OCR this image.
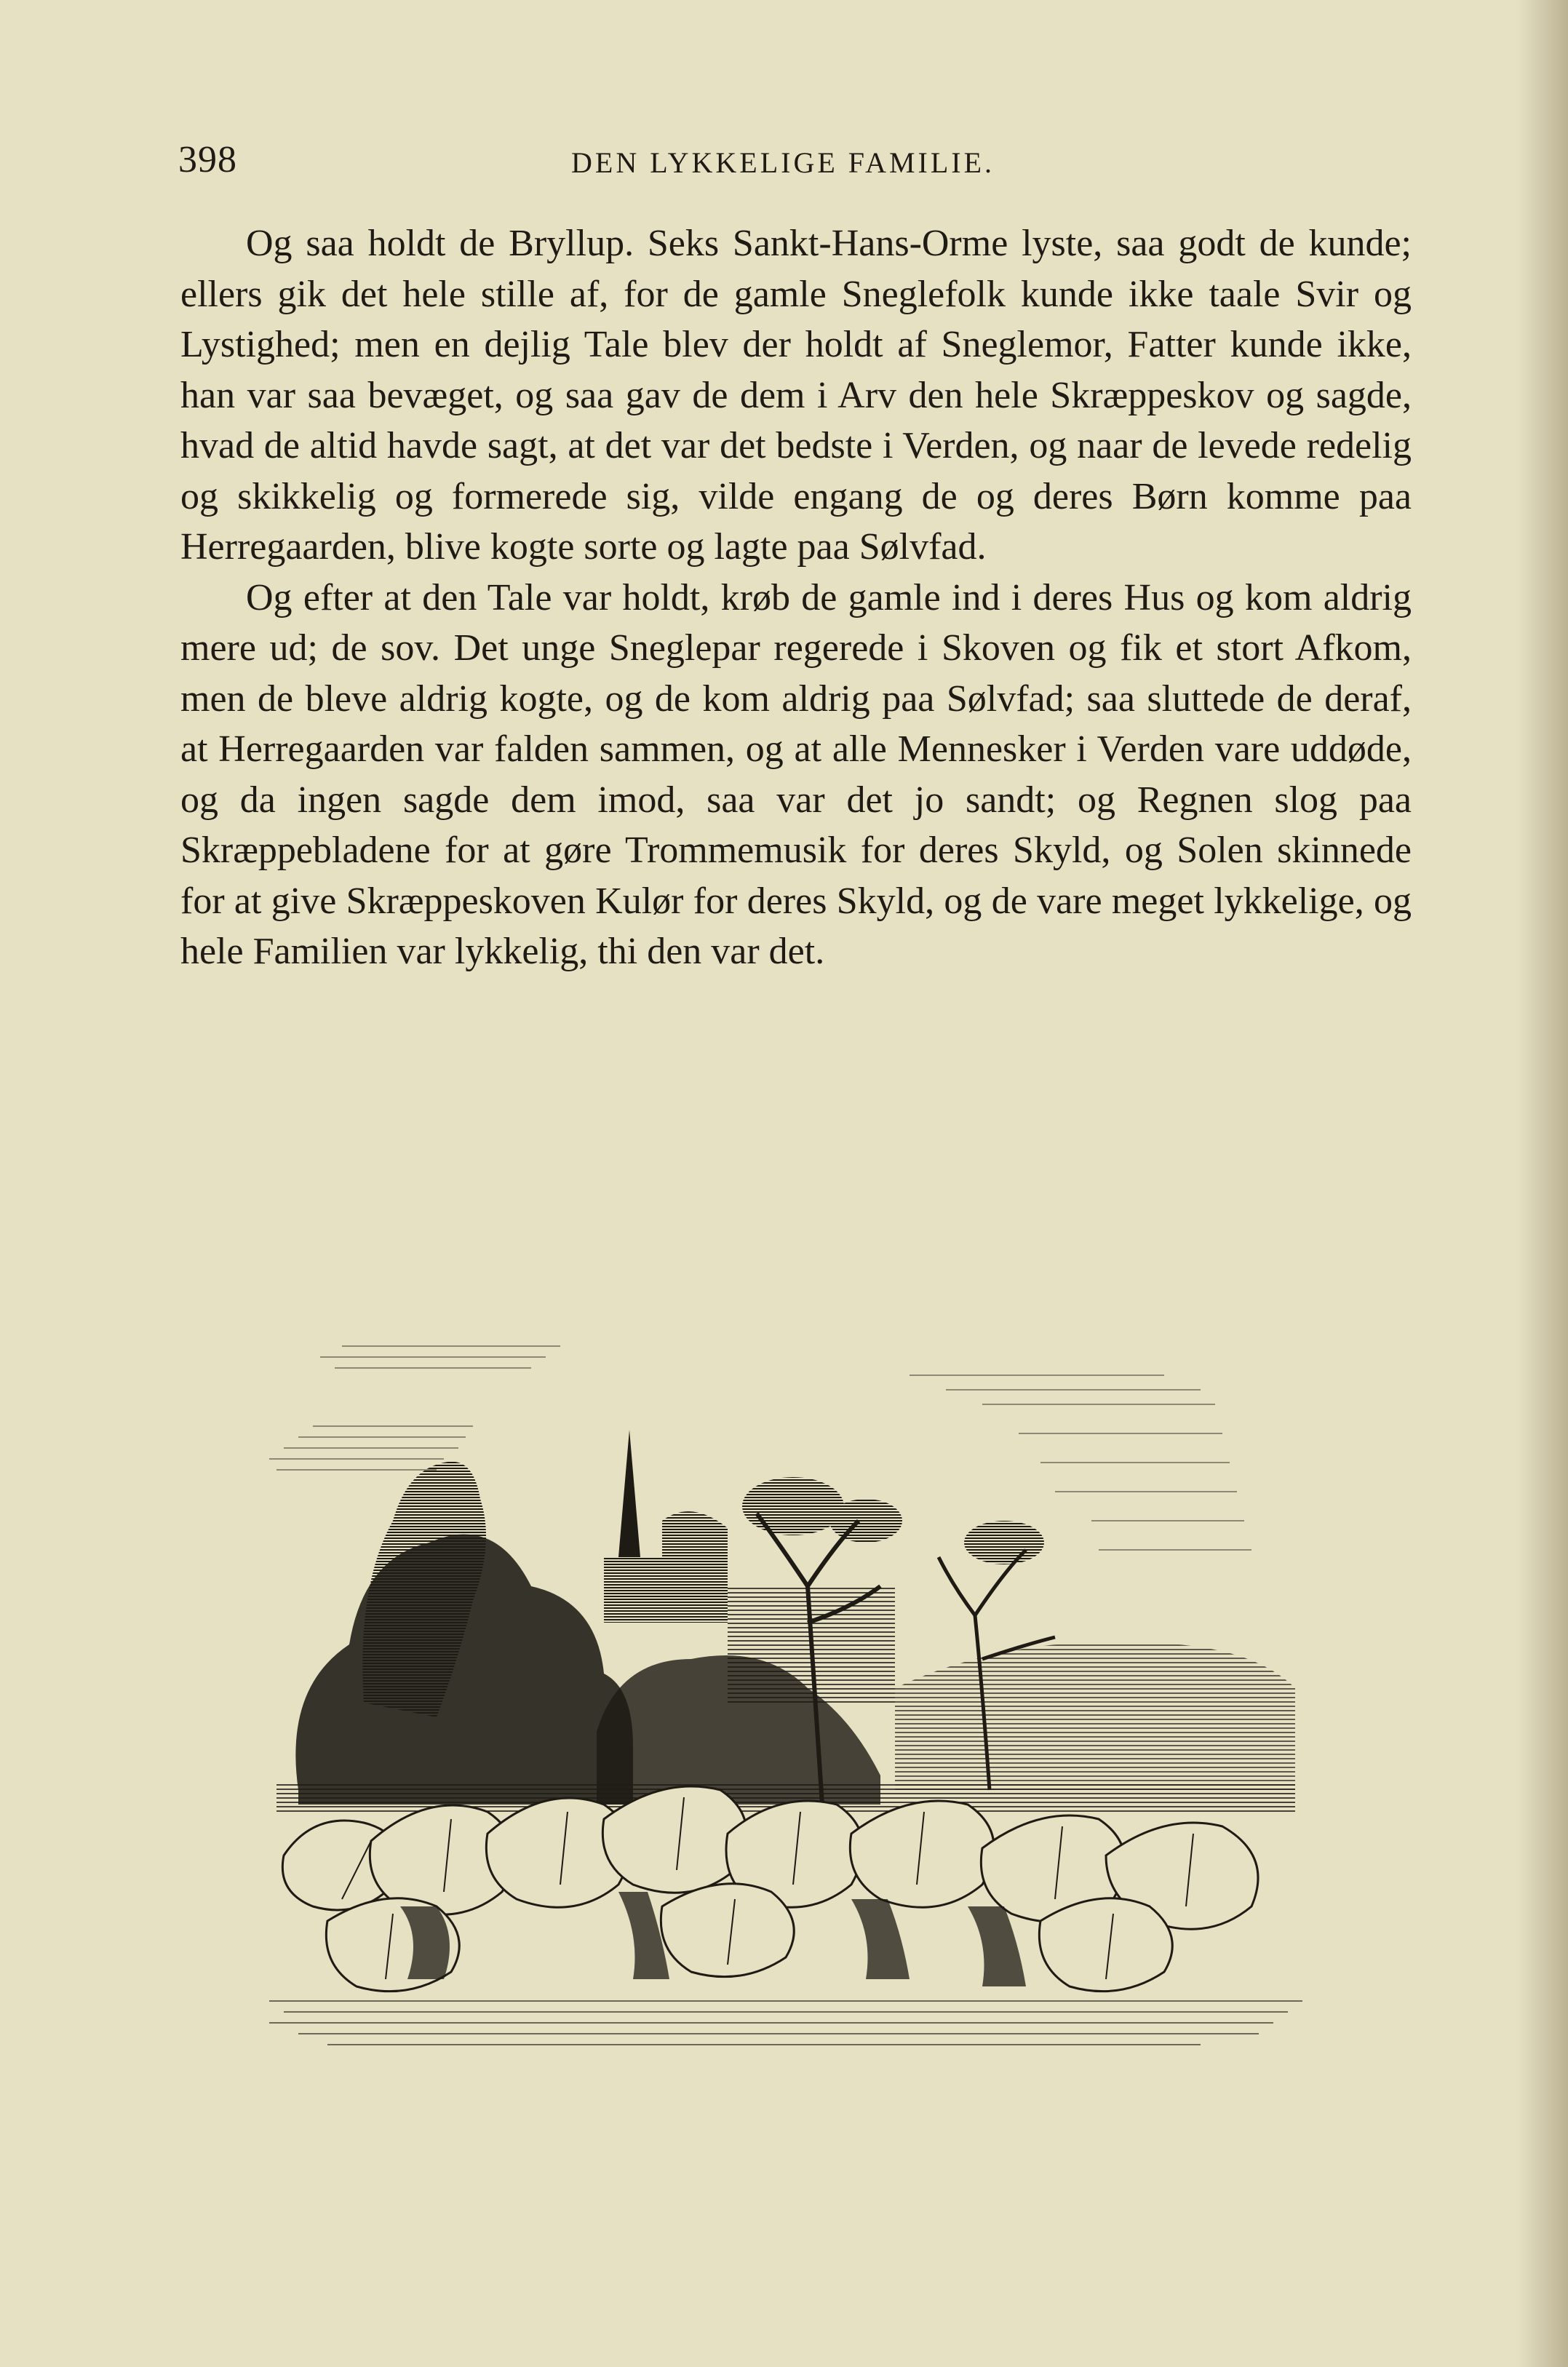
398	DEN LYKKELIGE FAMILIE.

Og saa holdt de Bryllup. Seks Sankt-Hans-Orme lyste, saa godt de kunde; ellers gik det hele stille af, for de gamle Sneglefolk kunde ikke taale Svir og Lystighed; men en dejlig Tale blev der holdt af Sneglemor, Fatter kunde ikke, han var saa bevæget, og saa gav de dem i Arv den hele Skræppeskov og sagde, hvad de altid havde sagt, at det var det bedste i Verden, og naar de levede redelig og skikkelig og formerede sig, vilde engang de og deres Børn komme paa Herregaarden, blive kogte sorte og lagte paa Sølvfad.

Og efter at den Tale var holdt, krøb de gamle ind i deres Hus og kom aldrig mere ud; de sov. Det unge Sneglepar regerede i Skoven og fik et stort Afkom, men de bleve aldrig kogte, og de kom aldrig paa Sølvfad; saa sluttede de deraf, at Herregaarden var falden sammen, og at alle Mennesker i Verden vare uddøde, og da ingen sagde dem imod, saa var det jo sandt; og Regnen slog paa Skræppebladene for at gøre Trommemusik for deres Skyld, og Solen skinnede for at give Skræppeskoven Kulør for deres Skyld, og de vare meget lykkelige, og hele Familien var lykkelig, thi den var det.
